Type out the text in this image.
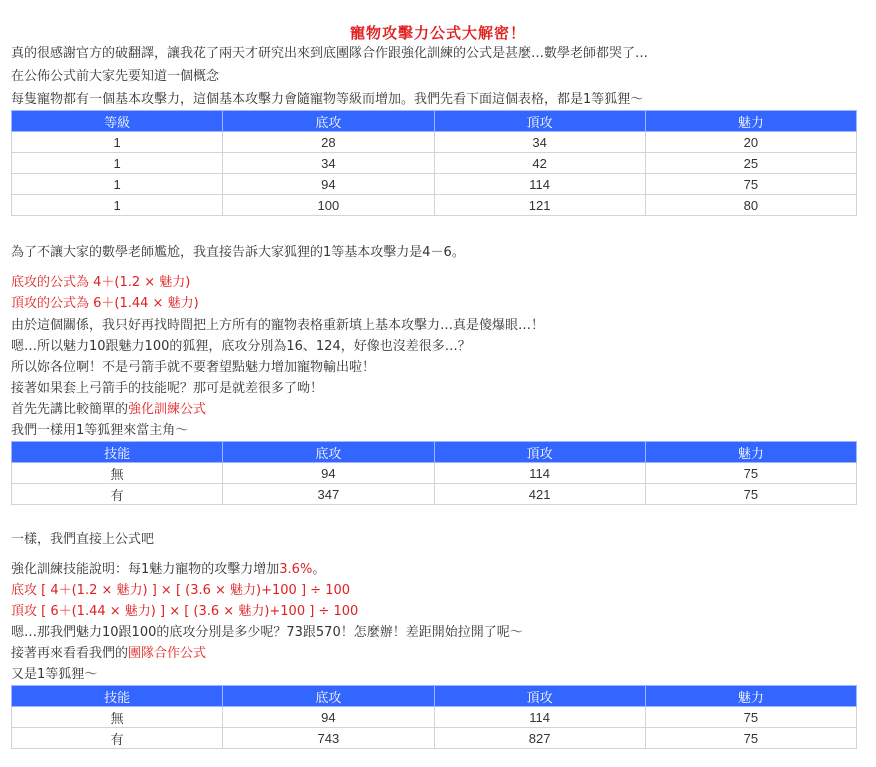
寵物攻擊力公式大解密！
真的很感謝官方的破翻譯，讓我花了兩天才研究出來到底團隊合作跟強化訓練的公式是甚麼…數學老師都哭了…
在公佈公式前大家先要知道一個概念
每隻寵物都有一個基本攻擊力，這個基本攻擊力會隨寵物等級而增加。我們先看下面這個表格，都是1等狐狸～
等級	底攻	頂攻	魅力
1	28	34	20
1	34	42	25
1	94	114	75
1	100	121	80
為了不讓大家的數學老師尷尬，我直接告訴大家狐狸的1等基本攻擊力是4－6。
底攻的公式為 4＋(1.2 × 魅力)
頂攻的公式為 6＋(1.44 × 魅力)
由於這個關係，我只好再找時間把上方所有的寵物表格重新填上基本攻擊力…真是傻爆眼…！
嗯…所以魅力10跟魅力100的狐狸，底攻分別為16、124，好像也沒差很多…？
所以妳各位啊！不是弓箭手就不要奢望點魅力增加寵物輸出啦！
接著如果套上弓箭手的技能呢？那可是就差很多了呦！
首先先講比較簡單的強化訓練公式
我們一樣用1等狐狸來當主角～
技能	底攻	頂攻	魅力
無	94	114	75
有	347	421	75
一樣，我們直接上公式吧
強化訓練技能說明：每1魅力寵物的攻擊力增加3.6%。
底攻 [ 4＋(1.2 × 魅力) ] × [ (3.6 × 魅力)+100 ] ÷ 100
頂攻 [ 6＋(1.44 × 魅力) ] × [ (3.6 × 魅力)+100 ] ÷ 100
嗯…那我們魅力10跟100的底攻分別是多少呢？73跟570！怎麼辦！差距開始拉開了呢～
接著再來看看我們的團隊合作公式
又是1等狐狸～
技能	底攻	頂攻	魅力
無	94	114	75
有	743	827	75
